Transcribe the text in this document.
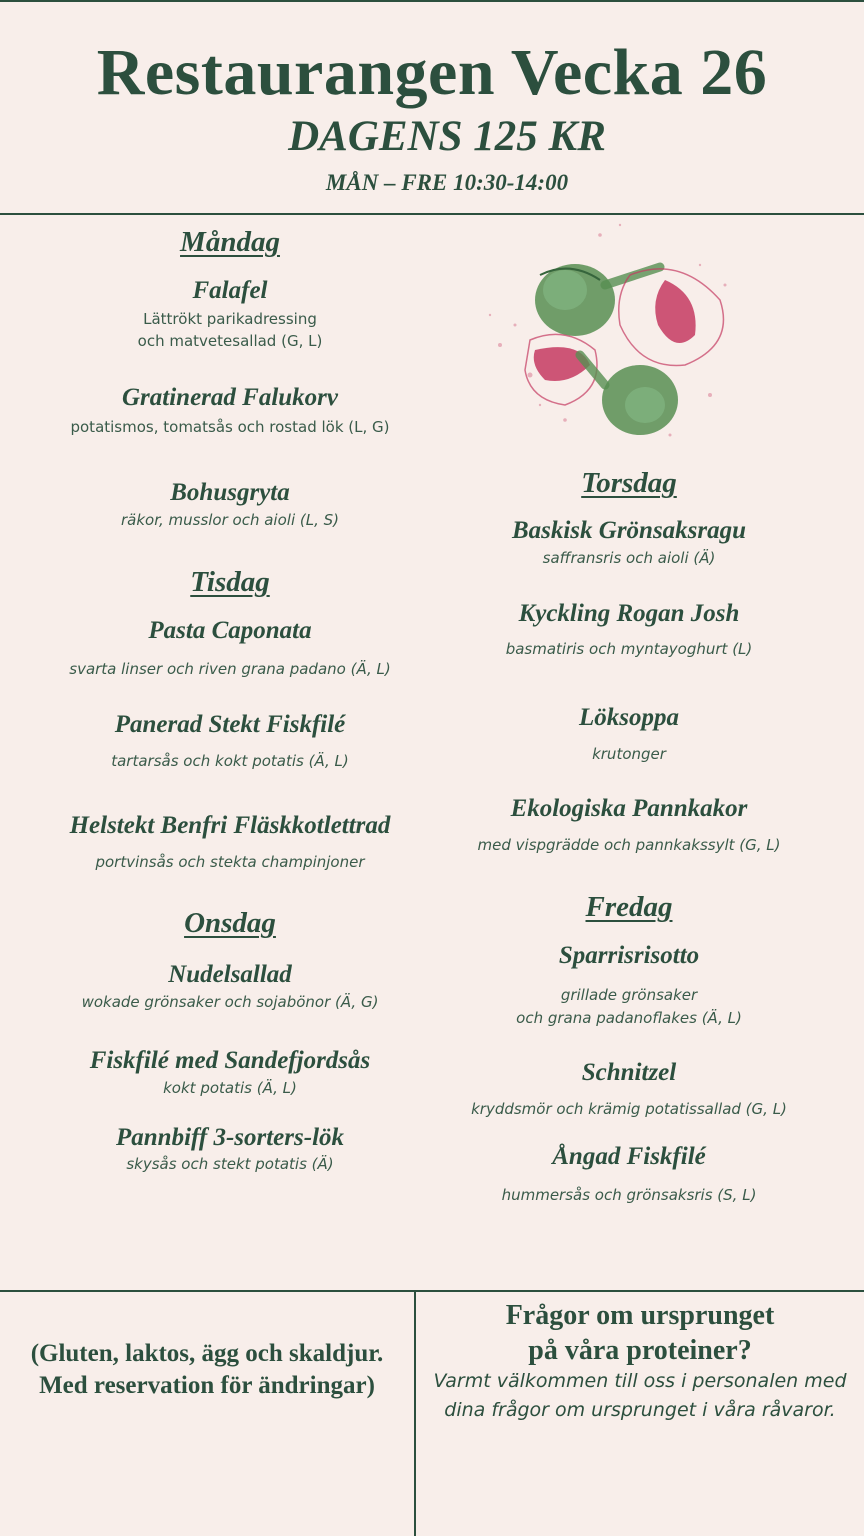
Restaurangen Vecka 26
DAGENS 125 KR
MÅN – FRE 10:30-14:00
Måndag
Falafel
Lättrökt parikadressing
och matvetesallad (G, L)
Gratinerad Falukorv
potatismos, tomatsås och rostad lök (L, G)
Bohusgryta
räkor, musslor och aioli (L, S)
Tisdag
Pasta Caponata
svarta linser och riven grana padano (Ä, L)
Panerad Stekt Fiskfilé
tartarsås och kokt potatis (Ä, L)
Helstekt Benfri Fläskkotlettrad
portvinsås och stekta champinjoner
Onsdag
Nudelsallad
wokade grönsaker och sojabönor (Ä, G)
Fiskfilé med Sandefjordsås
kokt potatis (Ä, L)
Pannbiff 3-sorters-lök
skysås och stekt potatis (Ä)
Torsdag
Baskisk Grönsaksragu
saffransris och aioli (Ä)
Kyckling Rogan Josh
basmatiris och myntayoghurt (L)
Löksoppa
krutonger
Ekologiska Pannkakor
med vispgrädde och pannkakssylt (G, L)
Fredag
Sparrisrisotto
grillade grönsaker
och grana padanoflakes (Ä, L)
Schnitzel
kryddsmör och krämig potatissallad (G, L)
Ångad Fiskfilé
hummersås och grönsaksris (S, L)
(Gluten, laktos, ägg och skaldjur.
Med reservation för ändringar)
Frågor om ursprunget
på våra proteiner?
Varmt välkommen till oss i personalen med
dina frågor om ursprunget i våra råvaror.
